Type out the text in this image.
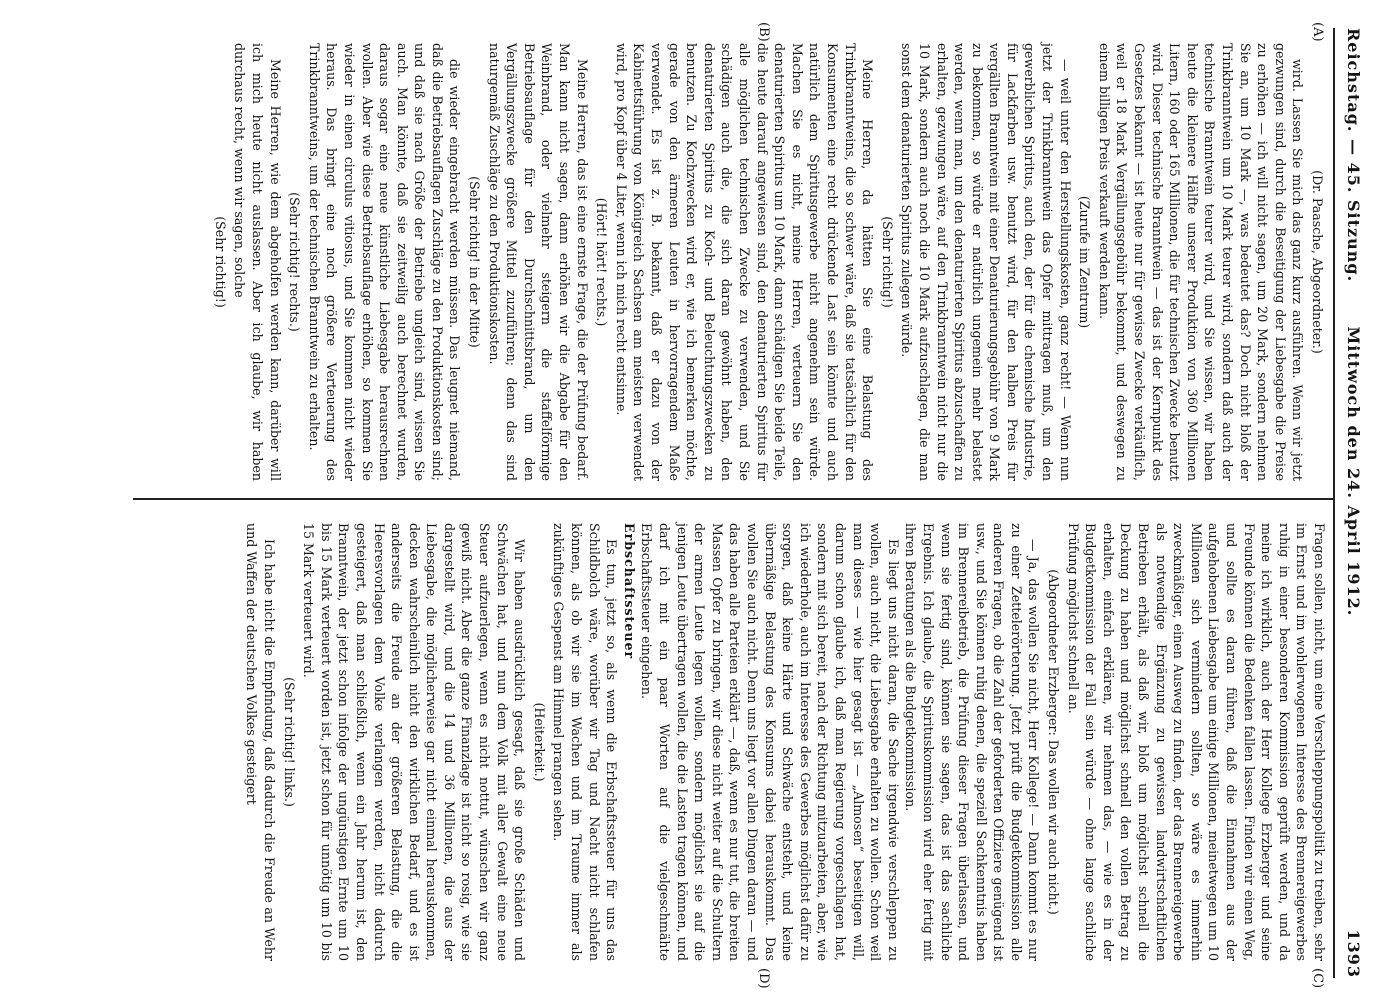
Reichstag. — 45. Sitzung.
Mittwoch den 24. April 1912.  1393
(A)
(B)
(C)
(D)

(Dr. Paasche, Abgeordneter.)

wird. Lassen Sie mich das ganz kurz ausführen. Wenn wir jetzt gezwungen sind, durch die Beseitigung der Liebesgabe die Preise zu erhöhen — ich will nicht sagen, um 20 Mark, sondern nehmen Sie an, um 10 Mark —, was bedeutet das? Doch nicht bloß der Trinkbranntwein um 10 Mark teurer wird, sondern daß auch der technische Branntwein teurer wird, und Sie wissen, wir haben heute die kleinere Hälfte unserer Produktion von 360 Millionen Litern, 160 oder 165 Millionen, die für technischen Zwecke benutzt wird. Dieser technische Branntwein — das ist der Kernpunkt des Gesetzes bekannt — ist heute nur für gewisse Zwecke verkäuflich, weil er 18 Mark Vergällungsgebühr bekommt, und deswegen zu einem billigen Preis verkauft werden kann.

(Zurufe im Zentrum)

— weil unter den Herstellungskosten, ganz recht! — Wenn nun jetzt der Trinkbranntwein das Opfer mittragen muß, um den gewerblichen Spiritus, auch den, der für die chemische Industrie, für Lackfarben usw. benutzt wird, für den halben Preis für vergällten Branntwein mit einer Denaturierungsgebühr von 9 Mark zu bekommen, so würde er natürlich ungemein mehr belastet werden, wenn man, um den denaturierten Spiritus abzuschaffen zu erhalten, gezwungen wäre, auf den Trinkbranntwein nicht nur die 10 Mark, sondern auch noch die 10 Mark aufzuschlagen, die man sonst dem denaturierten Spiritus zulegen würde.

(Sehr richtig!)

Meine Herren, da hätten Sie eine Belastung des Trinkbranntweins, die so schwer wäre, daß sie tatsächlich für den Konsumenten eine recht drückende Last sein könnte und auch natürlich dem Spiritusgewerbe nicht angenehm sein würde. Machen Sie es nicht, meine Herren, verteuern Sie den denaturierten Spiritus um 10 Mark, dann schädigen Sie beide Teile, die heute darauf angewiesen sind, den denaturierten Spiritus für alle möglichen technischen Zwecke zu verwenden, und Sie schädigen auch die, die sich daran gewöhnt haben, den denaturierten Spiritus zu Koch- und Beleuchtungszwecken zu benutzen. Zu Kochzwecken wird er, wie ich bemerken möchte, gerade von den ärmeren Leuten in hervorragendem Maße verwendet. Es ist z. B. bekannt, daß er dazu von der Kabinettsführung von Königreich Sachsen am meisten verwendet wird, pro Kopf über 4 Liter, wenn ich mich recht entsinne.

(Hört! hört! rechts.)

Meine Herren, das ist eine ernste Frage, die der Prüfung bedarf. Man kann nicht sagen, dann erhöhen wir die Abgabe für den Weinbrand, oder vielmehr steigern die staffelförmige Betriebsauflage für den Durchschnittsbrand, um den Vergällungszwecke größere Mittel zuzuführen; denn das sind naturgemäß Zuschläge zu den Produktionskosten.

(Sehr richtig! in der Mitte)

die wieder eingebracht werden müssen. Das leugnet niemand, daß die Betriebsauflagen Zuschläge zu den Produktionskosten sind; und daß sie nach Größe der Betriebe ungleich sind, wissen Sie auch. Man könnte, daß sie zeitweilig auch berechnet wurden, daraus sogar eine neue künstliche Liebesgabe herausrechnen wollen. Aber wie diese Betriebsauflage erhöhen, so kommen Sie wieder in einen circulus vitiosus, und Sie kommen nicht wieder heraus. Das bringt eine noch größere Verteuerung des Trinkbranntweins, um der technischen Branntwein zu erhalten.

(Sehr richtig! rechts.)

Meine Herren, wie dem abgeholfen werden kann, darüber will ich mich heute nicht auslassen. Aber ich glaube, wir haben durchaus recht, wenn wir sagen, solche

(Sehr richtig!)

Fragen sollen, nicht, um eine Verschleppungspolitik zu treiben, sehr im Ernst und im wohlerwogenen Interesse des Brennereigewerbes ruhig in einer besonderen Kommission geprüft werden, und da meine ich wirklich, auch der Herr Kollege Erzberger und seine Freunde können die Bedenken fallen lassen. Finden wir einen Weg, und sollte es daran führen, daß die Einnahmen aus der aufgehobenen Liebesgabe um einige Millionen, meinetwegen um 10 Millionen sich vermindern sollten, so wäre es immerhin zweckmäßiger, einen Ausweg zu finden, der das Brennereigewerbe als notwendige Ergänzung zu gewissen landwirtschaftlichen Betrieben erhält, als daß wir, bloß um möglichst schnell die Deckung zu haben und möglichst schnell den vollen Betrag zu erhalten, einfach erklären, wir nehmen das, — wie es in der Budgetkommission der Fall sein würde — ohne lange sachliche Prüfung möglichst schnell an.

(Abgeordneter Erzberger: Das wollen wir auch nicht.)

— Ja, das wollen Sie nicht, Herr Kollege! — Dann kommt es nur zu einer Zettelerörterung. Jetzt prüft die Budgetkommission alle anderen Fragen, ob die Zahl der geforderten Offiziere genügend ist usw., und Sie können ruhig denen, die speziell Sachkenntnis haben im Brennereibetrieb, die Prüfung dieser Fragen überlassen, und wenn sie fertig sind, können sie sagen, das ist das sachliche Ergebnis. Ich glaube, die Spirituskommission wird eher fertig mit ihren Beratungen als die Budgetkommission.

Es liegt uns nicht daran, die Sache irgendwie verschleppen zu wollen, auch nicht, die Liebesgabe erhalten zu wollen. Schon weil man dieses — wie hier gesagt ist — „Almosen“ beseitigen will, darum schon glaube ich, daß man Regierung vorgeschlagen hat, sondern mit sich bereit, nach der Richtung mitzuarbeiten, aber, wie ich wiederhole, auch im Interesse des Gewerbes möglichst dafür zu sorgen, daß keine Härte und Schwäche entsteht, und keine übermäßige Belastung des Konsums dabei herauskommt. Das wollen Sie auch nicht. Denn uns liegt vor allen Dingen daran — und das haben alle Parteien erklärt —, daß, wenn es nur tut, die breiten Massen Opfer zu bringen, wir diese nicht weiter auf die Schultern der armen Leute legen wollen, sondern möglichst sie auf die jenigen Leute übertragen wollen, die die Lasten tragen können, und darf ich mit ein paar Worten auf die vielgeschmähte Erbschaftssteuer eingehen.

Erbschaftssteuer

Es tun, jetzt so, als wenn die Erbschaftssteuer für uns das Schildbolch wäre, worüber wir Tag und Nacht nicht schlafen können, als ob wir sie im Wachen und im Traume immer als zukünftiges Gespenst am Himmel prangen sehen.

(Heiterkeit.)

Wir haben ausdrücklich gesagt, daß sie große Schäden und Schwächen hat, und nun dem Volk mit aller Gewalt eine neue Steuer aufzuerlegen, wenn es nicht nottut, wünschen wir ganz gewiß nicht. Aber die ganze Finanzlage ist nicht so rosig, wie sie dargestellt wird, und die 14 und 36 Millionen, die aus der Liebesgabe, die möglicherweise gar nicht einmal herauskommen, decken wahrscheinlich nicht den wirklichen Bedarf, und es ist anderseits die Freude an der größeren Belastung, die die Heeresvorlagen dem Volke verlangen werden, nicht dadurch gesteigert, daß man schließlich, wenn ein Jahr herum ist, den Branntwein, der jetzt schon infolge der ungünstigen Ernte um 10 bis 15 Mark verteuert worden ist, jetzt schon für unnötig um 10 bis 15 Mark verteuert wird.

(Sehr richtig! links.)

Ich habe nicht die Empfindung, daß dadurch die Freude an Wehr und Waffen der deutschen Volkes gesteigert
